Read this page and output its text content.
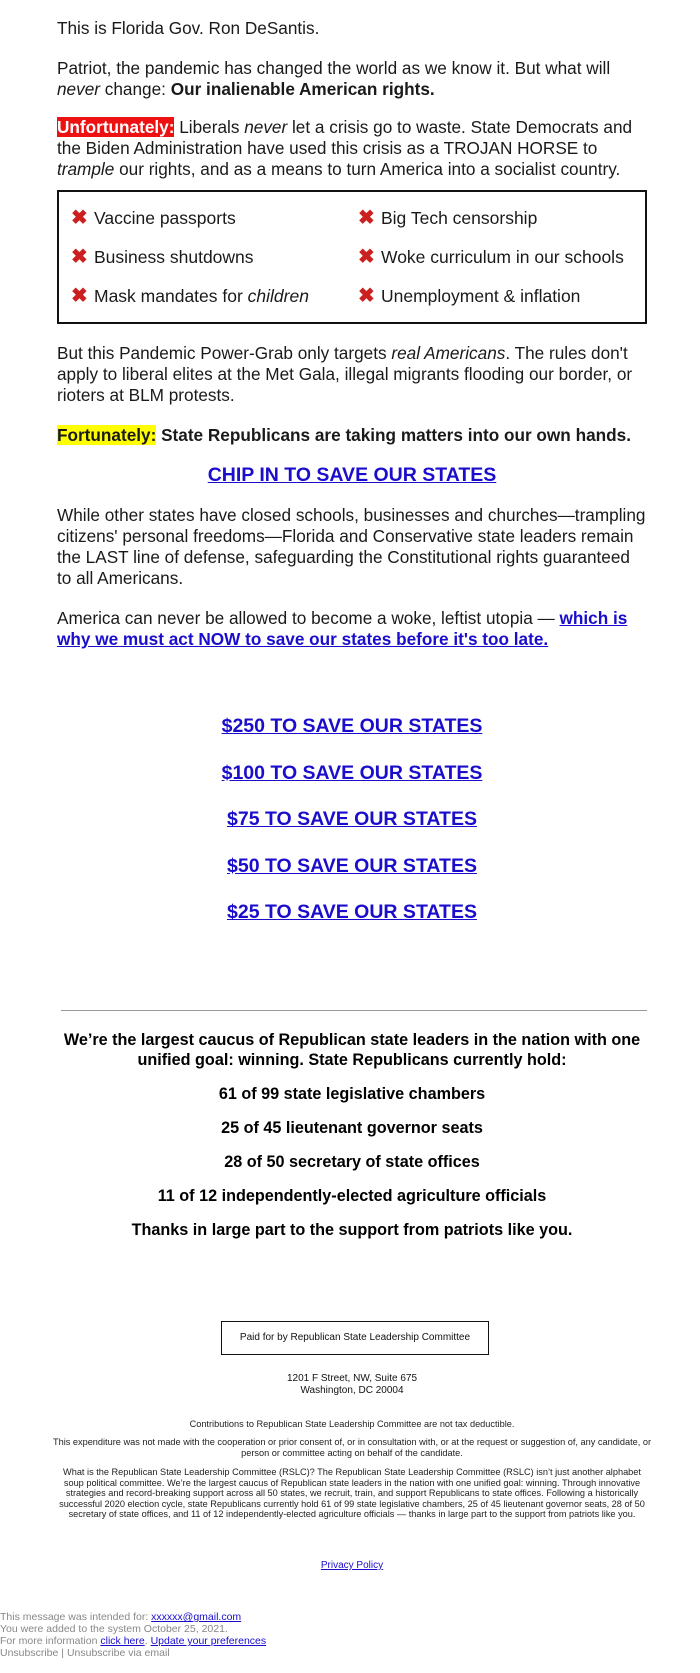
This is Florida Gov. Ron DeSantis.

Patriot, the pandemic has changed the world as we know it. But what will never change: Our inalienable American rights.

Unfortunately: Liberals never let a crisis go to waste. State Democrats and the Biden Administration have used this crisis as a TROJAN HORSE to trample our rights, and as a means to turn America into a socialist country.

✖ Vaccine passports	✖ Big Tech censorship
✖ Business shutdowns	✖ Woke curriculum in our schools
✖ Mask mandates for children	✖ Unemployment & inflation

But this Pandemic Power-Grab only targets real Americans. The rules don't apply to liberal elites at the Met Gala, illegal migrants flooding our border, or rioters at BLM protests.

Fortunately: State Republicans are taking matters into our own hands.

CHIP IN TO SAVE OUR STATES

While other states have closed schools, businesses and churches—trampling citizens' personal freedoms—Florida and Conservative state leaders remain the LAST line of defense, safeguarding the Constitutional rights guaranteed to all Americans.

America can never be allowed to become a woke, leftist utopia — which is why we must act NOW to save our states before it's too late.

$250 TO SAVE OUR STATES
$100 TO SAVE OUR STATES
$75 TO SAVE OUR STATES
$50 TO SAVE OUR STATES
$25 TO SAVE OUR STATES

We’re the largest caucus of Republican state leaders in the nation with one unified goal: winning. State Republicans currently hold:

61 of 99 state legislative chambers

25 of 45 lieutenant governor seats

28 of 50 secretary of state offices

11 of 12 independently-elected agriculture officials

Thanks in large part to the support from patriots like you.

Paid for by Republican State Leadership Committee
1201 F Street, NW, Suite 675
Washington, DC 20004

Contributions to Republican State Leadership Committee are not tax deductible.

This expenditure was not made with the cooperation or prior consent of, or in consultation with, or at the request or suggestion of, any candidate, or person or committee acting on behalf of the candidate.

What is the Republican State Leadership Committee (RSLC)? The Republican State Leadership Committee (RSLC) isn’t just another alphabet soup political committee. We’re the largest caucus of Republican state leaders in the nation with one unified goal: winning. Through innovative strategies and record-breaking support across all 50 states, we recruit, train, and support Republicans to state offices. Following a historically successful 2020 election cycle, state Republicans currently hold 61 of 99 state legislative chambers, 25 of 45 lieutenant governor seats, 28 of 50 secretary of state offices, and 11 of 12 independently-elected agriculture officials — thanks in large part to the support from patriots like you.

Privacy Policy
This message was intended for: xxxxxx@gmail.com
You were added to the system October 25, 2021.
For more information click here. Update your preferences
Unsubscribe | Unsubscribe via email
